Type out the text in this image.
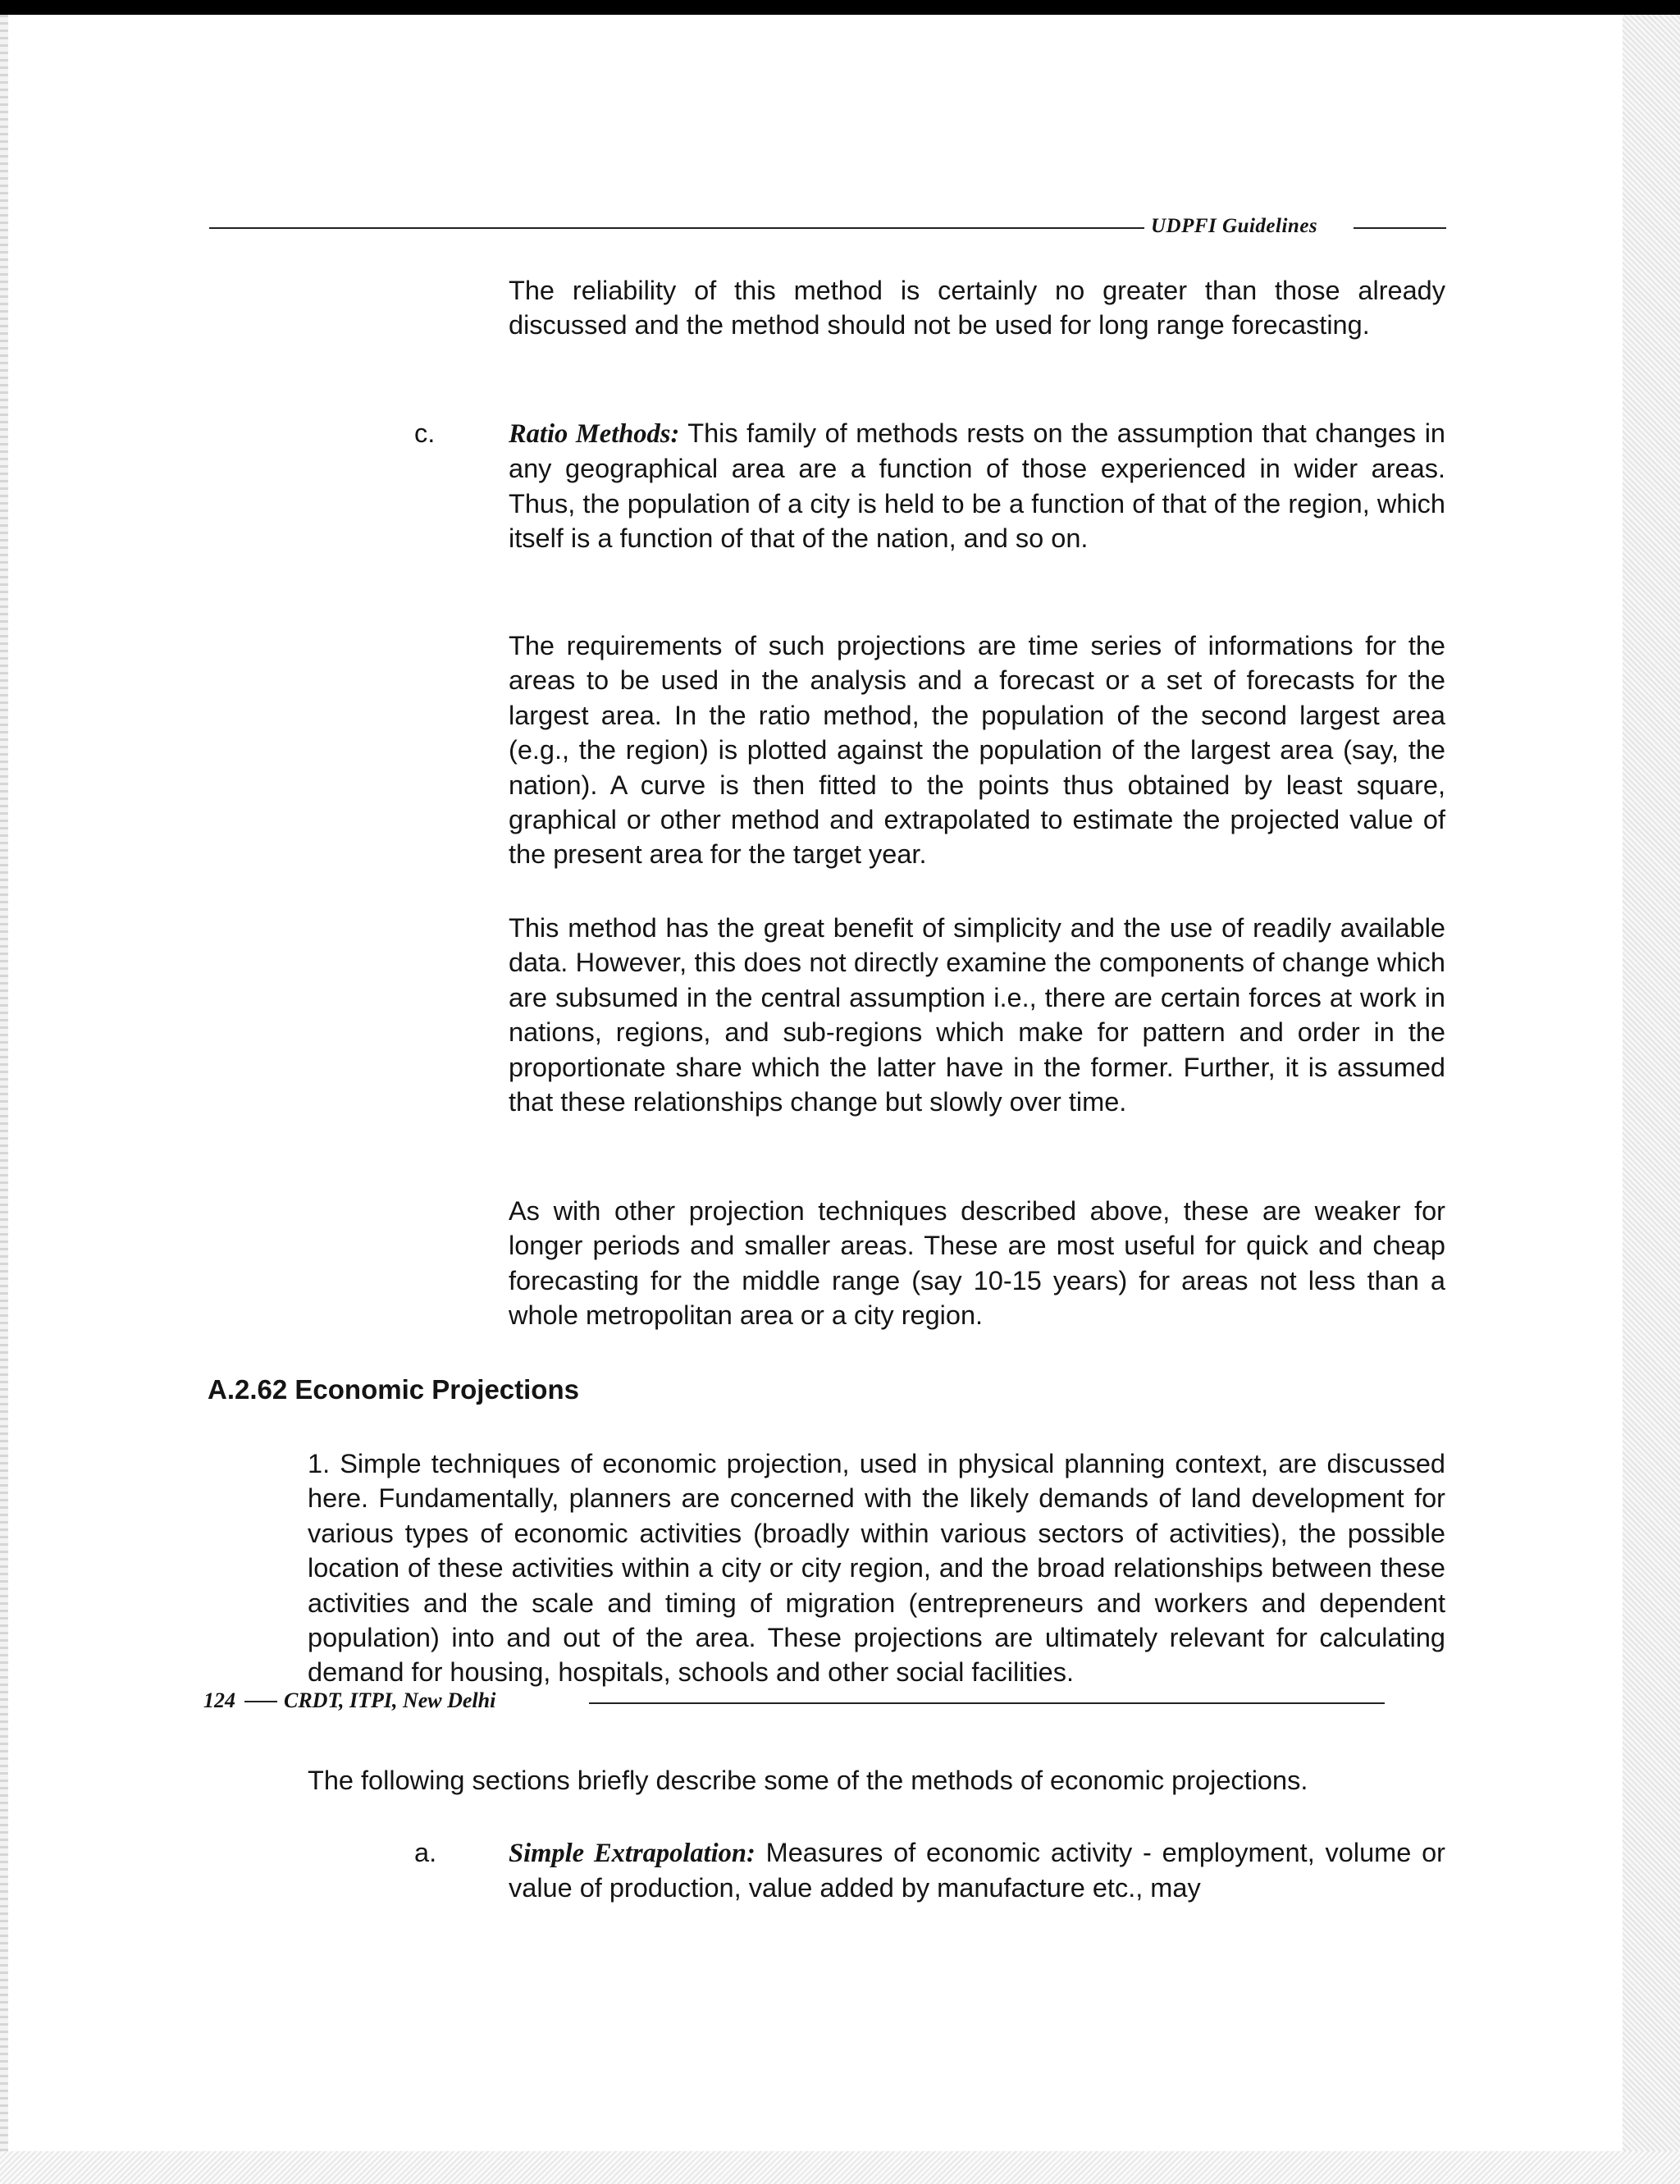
UDPFI Guidelines

The reliability of this method is certainly no greater than those already discussed and the method should not be used for long range forecasting.

c.	Ratio Methods: This family of methods rests on the assumption that changes in any geographical area are a function of those experienced in wider areas. Thus, the population of a city is held to be a function of that of the region, which itself is a function of that of the nation, and so on.

The requirements of such projections are time series of informations for the areas to be used in the analysis and a forecast or a set of forecasts for the largest area. In the ratio method, the population of the second largest area (e.g., the region) is plotted against the population of the largest area (say, the nation). A curve is then fitted to the points thus obtained by least square, graphical or other method and extrapolated to estimate the projected value of the present area for the target year.

This method has the great benefit of simplicity and the use of readily available data. However, this does not directly examine the components of change which are subsumed in the central assumption i.e., there are certain forces at work in nations, regions, and sub-regions which make for pattern and order in the proportionate share which the latter have in the former. Further, it is assumed that these relationships change but slowly over time.

As with other projection techniques described above, these are weaker for longer periods and smaller areas. These are most useful for quick and cheap forecasting for the middle range (say 10-15 years) for areas not less than a whole metropolitan area or a city region.

A.2.62 Economic Projections

1. Simple techniques of economic projection, used in physical planning context, are discussed here. Fundamentally, planners are concerned with the likely demands of land development for various types of economic activities (broadly within various sectors of activities), the possible location of these activities within a city or city region, and the broad relationships between these activities and the scale and timing of migration (entrepreneurs and workers and dependent population) into and out of the area. These projections are ultimately relevant for calculating demand for housing, hospitals, schools and other social facilities.

The following sections briefly describe some of the methods of economic projections.

a.	Simple Extrapolation: Measures of economic activity - employment, volume or value of production, value added by manufacture etc., may

124 CRDT, ITPI, New Delhi
